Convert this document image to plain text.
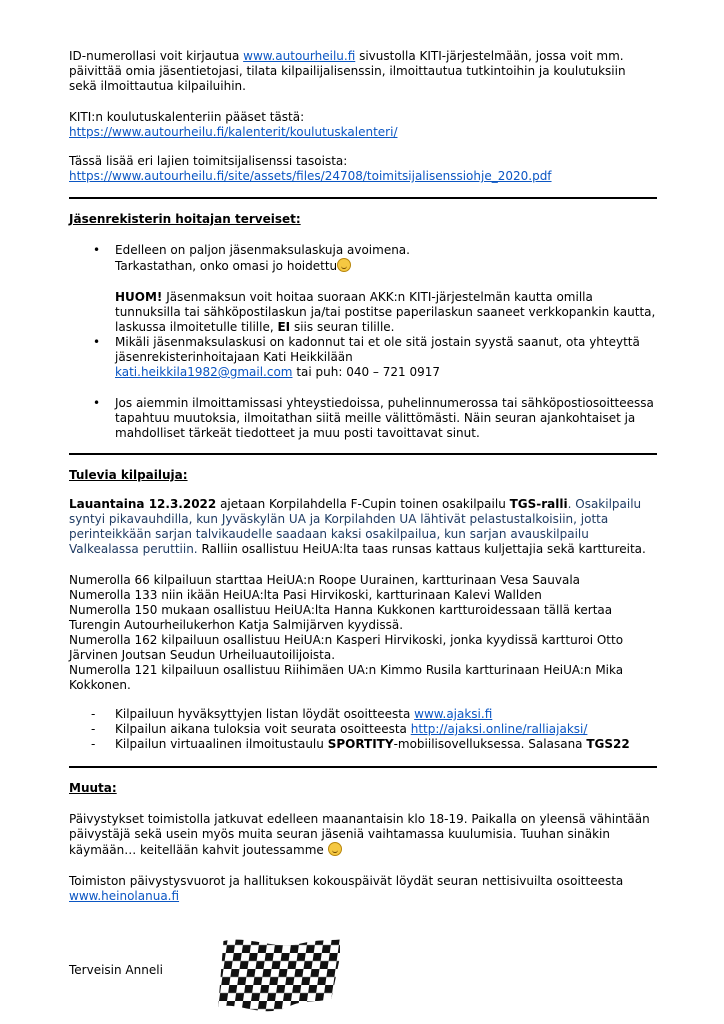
ID-numerollasi voit kirjautua www.autourheilu.fi sivustolla KITI-järjestelmään, jossa voit mm. päivittää omia jäsentietojasi, tilata kilpailijalisenssin, ilmoittautua tutkintoihin ja koulutuksiin sekä ilmoittautua kilpailuihin.

KITI:n koulutuskalenteriin pääset tästä:

https://www.autourheilu.fi/kalenterit/koulutuskalenteri/

Tässä lisää eri lajien toimitsijalisenssi tasoista:

https://www.autourheilu.fi/site/assets/files/24708/toimitsijalisenssiohje_2020.pdf

Jäsenrekisterin hoitajan terveiset:

• Edelleen on paljon jäsenmaksulaskuja avoimena.

Tarkastathan, onko omasi jo hoidettu

HUOM! Jäsenmaksun voit hoitaa suoraan AKK:n KITI-järjestelmän kautta omilla tunnuksilla tai sähköpostilaskun ja/tai postitse paperilaskun saaneet verkkopankin kautta, laskussa ilmoitetulle tilille, EI siis seuran tilille.

• Mikäli jäsenmaksulaskusi on kadonnut tai et ole sitä jostain syystä saanut, ota yhteyttä jäsenrekisterinhoitajaan Kati Heikkilään
kati.heikkila1982@gmail.com tai puh: 040 – 721 0917

• Jos aiemmin ilmoittamissasi yhteystiedoissa, puhelinnumerossa tai sähköpostiosoitteessa tapahtuu muutoksia, ilmoitathan siitä meille välittömästi. Näin seuran ajankohtaiset ja mahdolliset tärkeät tiedotteet ja muu posti tavoittavat sinut.

Tulevia kilpailuja:

Lauantaina 12.3.2022 ajetaan Korpilahdella F-Cupin toinen osakilpailu TGS-ralli. Osakilpailu syntyi pikavauhdilla, kun Jyväskylän UA ja Korpilahden UA lähtivät pelastustalkoisiin, jotta perinteikkään sarjan talvikaudelle saadaan kaksi osakilpailua, kun sarjan avauskilpailu Valkealassa peruttiin. Ralliin osallistuu HeiUA:lta taas runsas kattaus kuljettajia sekä karttureita.

Numerolla 66 kilpailuun starttaa HeiUA:n Roope Uurainen, kartturinaan Vesa Sauvala

Numerolla 133 niin ikään HeiUA:lta Pasi Hirvikoski, kartturinaan Kalevi Wallden

Numerolla 150 mukaan osallistuu HeiUA:lta Hanna Kukkonen kartturoidessaan tällä kertaa Turengin Autourheilukerhon Katja Salmijärven kyydissä.

Numerolla 162 kilpailuun osallistuu HeiUA:n Kasperi Hirvikoski, jonka kyydissä kartturoi Otto Järvinen Joutsan Seudun Urheiluautoilijoista.

Numerolla 121 kilpailuun osallistuu Riihimäen UA:n Kimmo Rusila kartturinaan HeiUA:n Mika Kokkonen.

- Kilpailuun hyväksyttyjen listan löydät osoitteesta www.ajaksi.fi
- Kilpailun aikana tuloksia voit seurata osoitteesta http://ajaksi.online/ralliajaksi/
- Kilpailun virtuaalinen ilmoitustaulu SPORTITY-mobiilisovelluksessa. Salasana TGS22

Muuta:

Päivystykset toimistolla jatkuvat edelleen maanantaisin klo 18-19. Paikalla on yleensä vähintään päivystäjä sekä usein myös muita seuran jäseniä vaihtamassa kuulumisia. Tuuhan sinäkin käymään… keitellään kahvit joutessamme

Toimiston päivystysvuorot ja hallituksen kokouspäivät löydät seuran nettisivuilta osoitteesta

www.heinolanua.fi

Terveisin Anneli
